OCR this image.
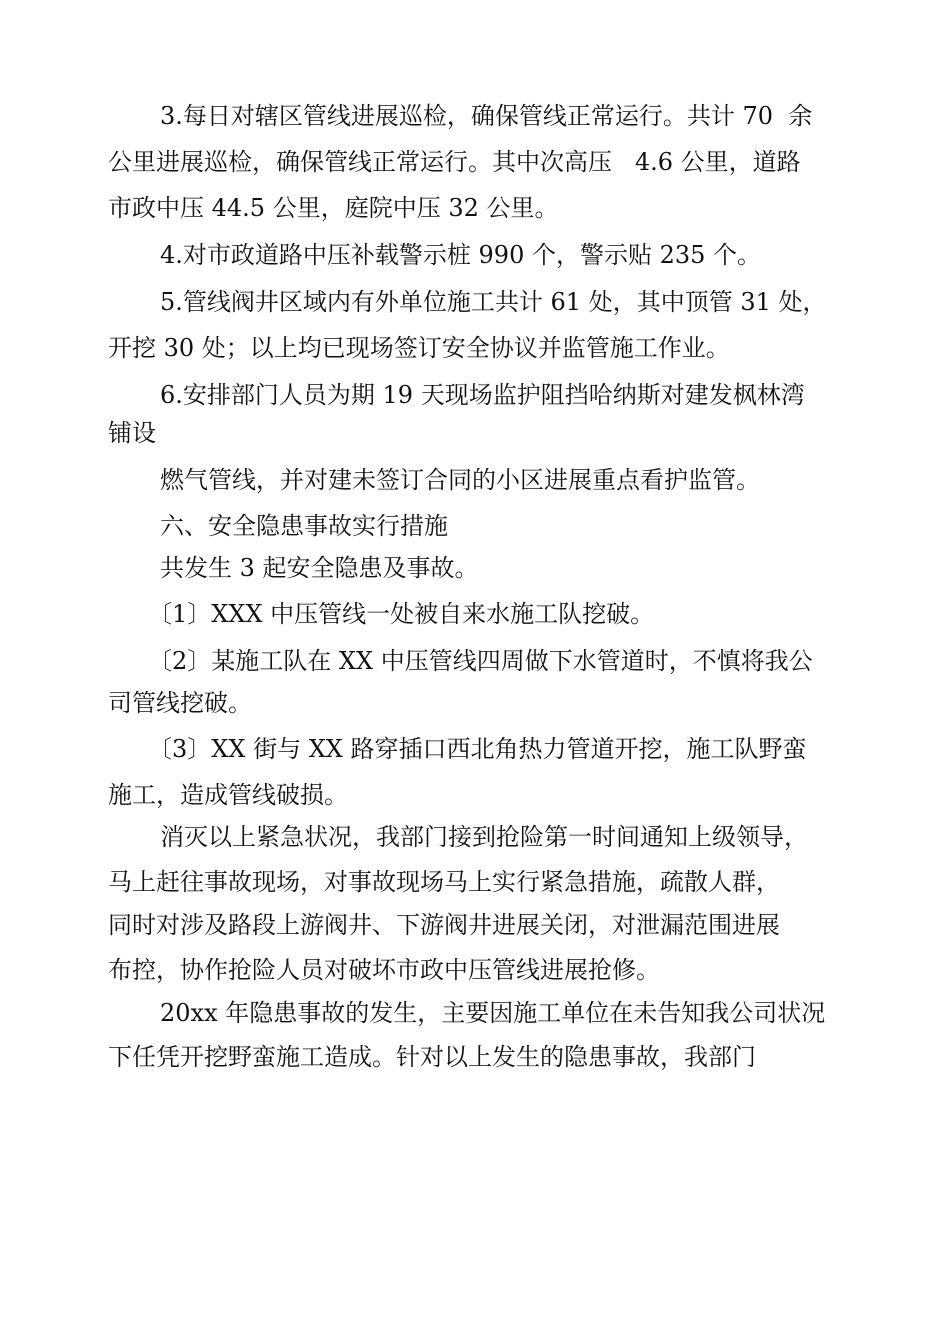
3.每日对辖区管线进展巡检，确保管线正常运行。共计 70  余
公里进展巡检，确保管线正常运行。其中次高压   4.6 公里，道路
市政中压 44.5 公里，庭院中压 32 公里。
4.对市政道路中压补载警示桩 990 个，警示贴 235 个。
5.管线阀井区域内有外单位施工共计 61 处，其中顶管 31 处，
开挖 30 处；以上均已现场签订安全协议并监管施工作业。
6.安排部门人员为期 19 天现场监护阻挡哈纳斯对建发枫林湾
铺设
燃气管线，并对建未签订合同的小区进展重点看护监管。
六、安全隐患事故实行措施
共发生 3 起安全隐患及事故。
〔1〕XXX 中压管线一处被自来水施工队挖破。
〔2〕某施工队在 XX 中压管线四周做下水管道时，不慎将我公
司管线挖破。
〔3〕XX 街与 XX 路穿插口西北角热力管道开挖，施工队野蛮
施工，造成管线破损。
消灭以上紧急状况，我部门接到抢险第一时间通知上级领导，
马上赶往事故现场，对事故现场马上实行紧急措施，疏散人群，
同时对涉及路段上游阀井、下游阀井进展关闭，对泄漏范围进展
布控，协作抢险人员对破坏市政中压管线进展抢修。
20xx 年隐患事故的发生，主要因施工单位在未告知我公司状况
下任凭开挖野蛮施工造成。针对以上发生的隐患事故，我部门
